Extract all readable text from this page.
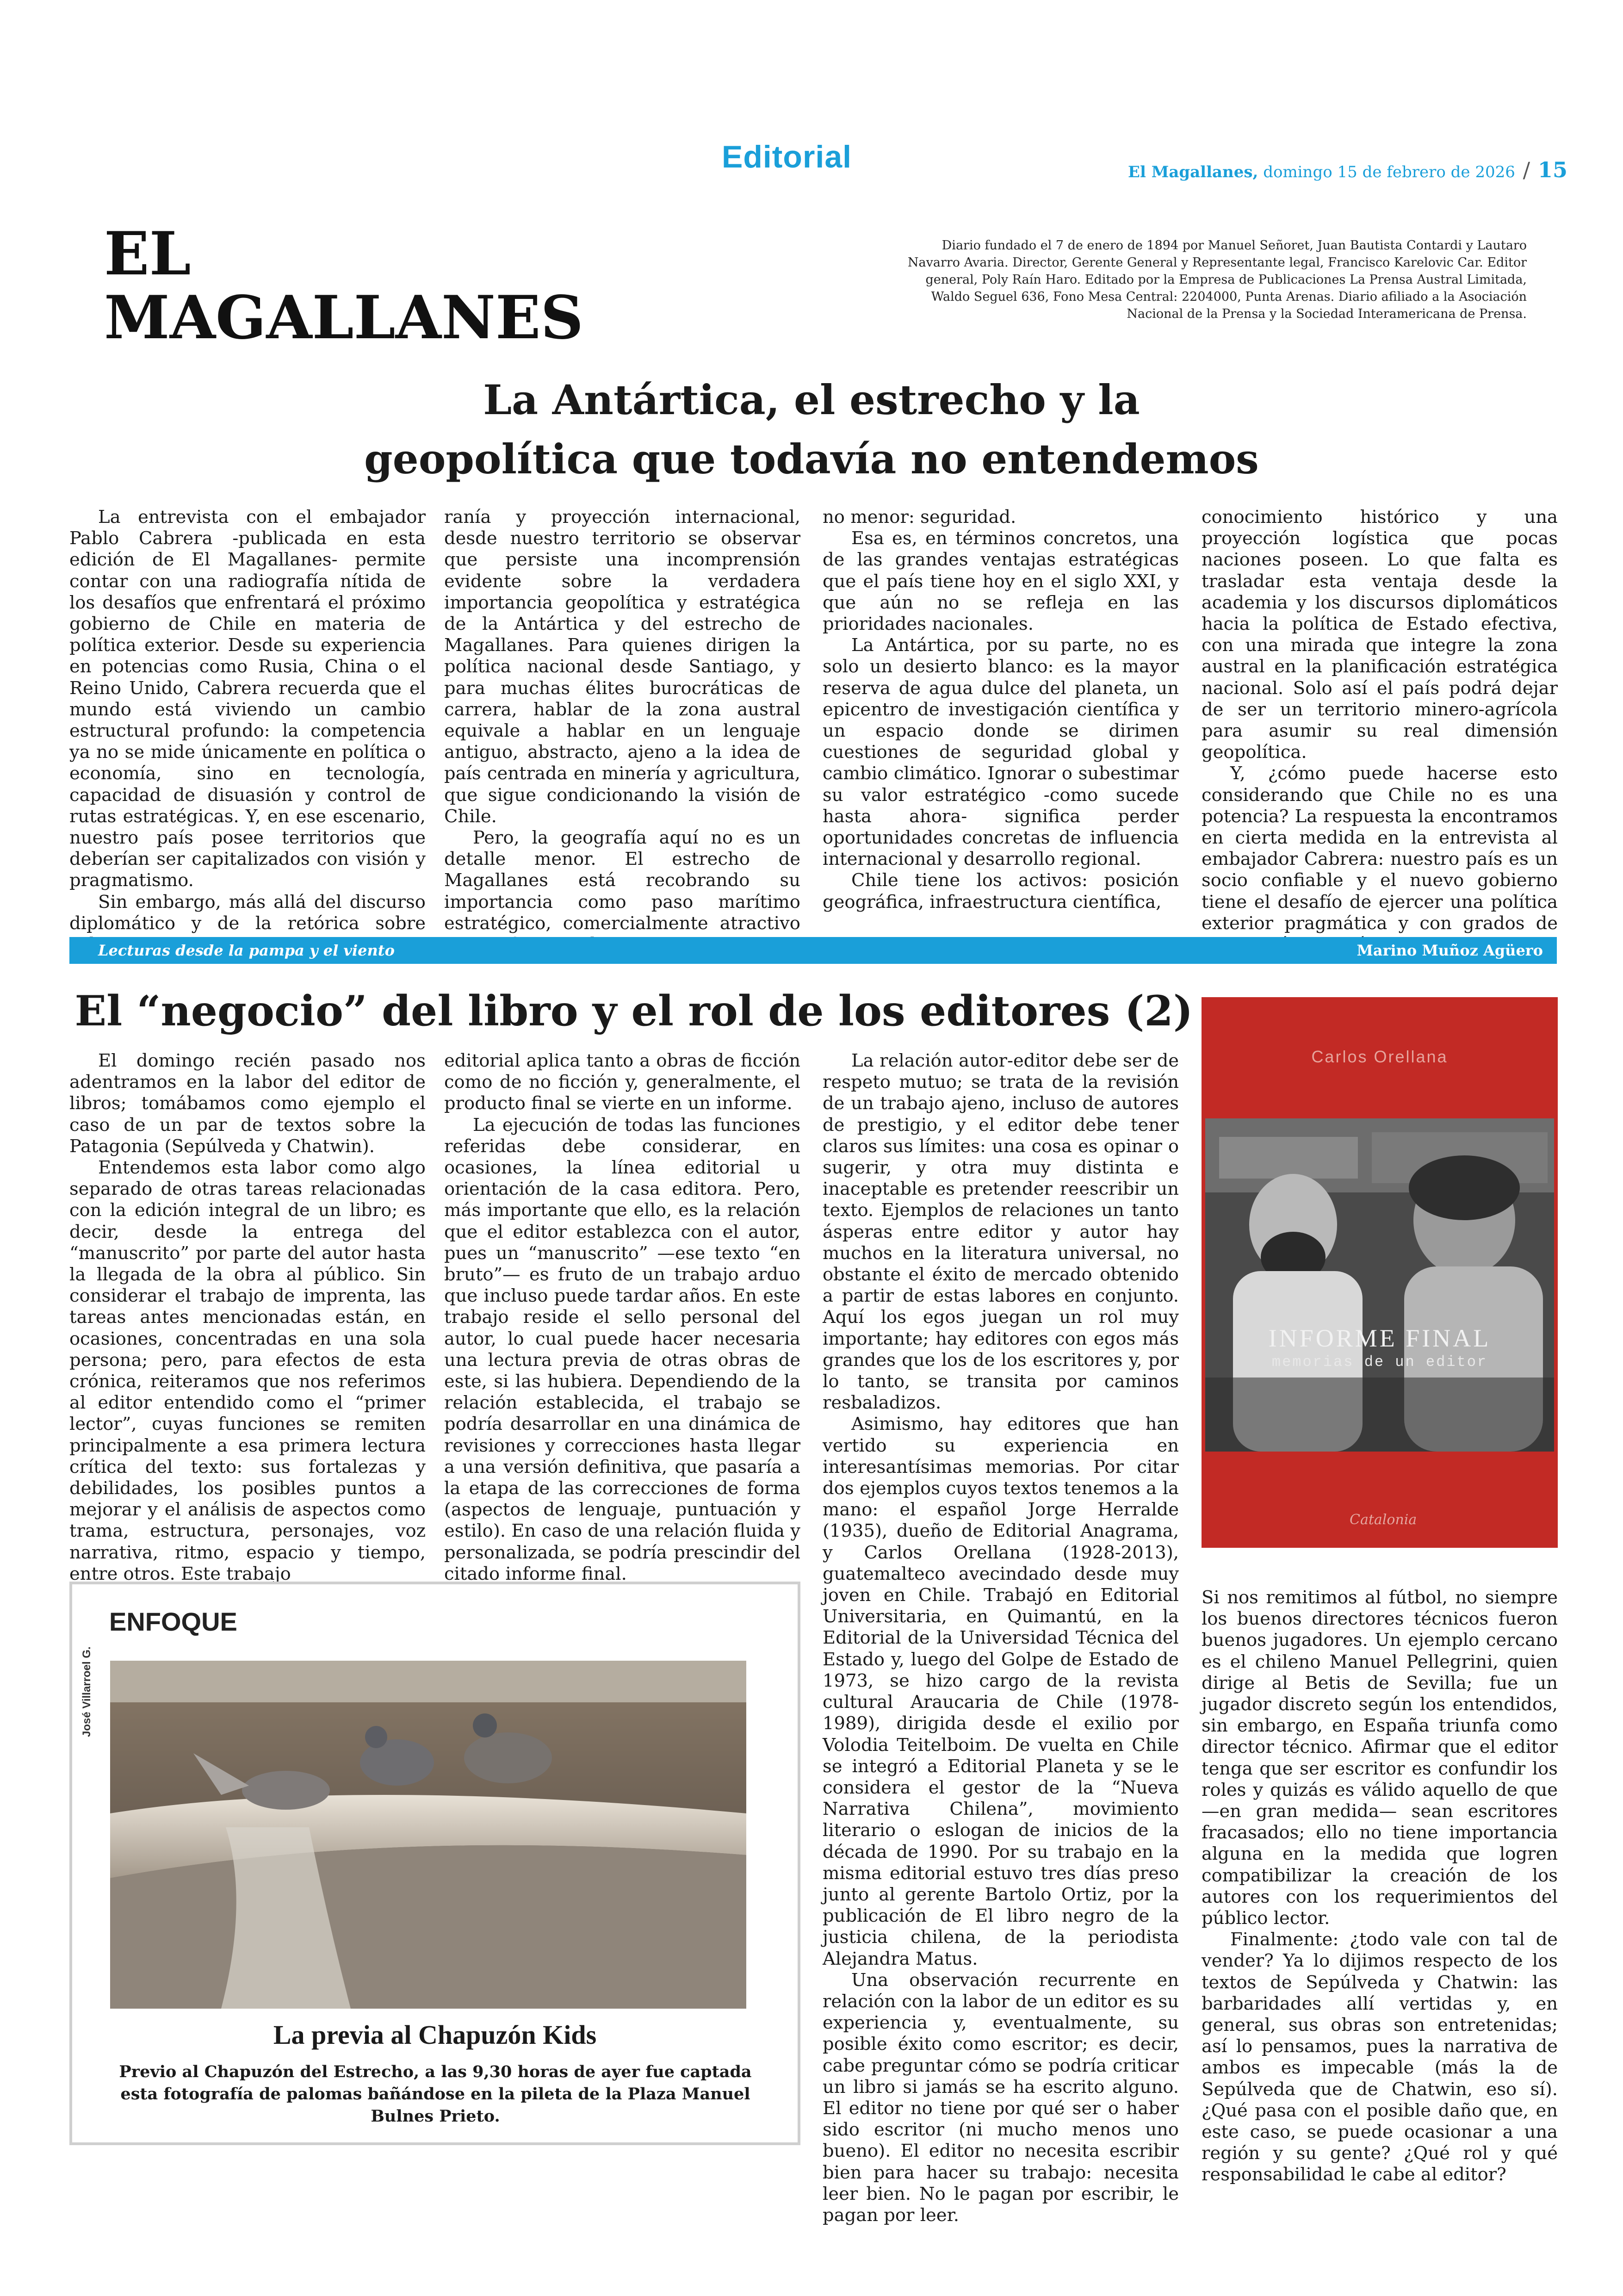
Editorial	El Magallanes, domingo 15 de febrero de 2026 / 15
EL
MAGALLANES
Diario fundado el 7 de enero de 1894 por Manuel Señoret, Juan Bautista Contardi y Lautaro
Navarro Avaria. Director, Gerente General y Representante legal, Francisco Karelovic Car. Editor
general, Poly Raín Haro. Editado por la Empresa de Publicaciones La Prensa Austral Limitada,
Waldo Seguel 636, Fono Mesa Central: 2204000, Punta Arenas. Diario afiliado a la Asociación
Nacional de la Prensa y la Sociedad Interamericana de Prensa.
La Antártica, el estrecho y la
geopolítica que todavía no entendemos

La entrevista con el embajador Pablo Cabrera -publicada en esta edición de El Magallanes- permite contar con una radiografía nítida de los desafíos que enfrentará el próximo gobierno de Chile en materia de política exterior. Desde su experiencia en potencias como Rusia, China o el Reino Unido, Cabrera recuerda que el mundo está viviendo un cambio estructural profundo: la competencia ya no se mide únicamente en política o economía, sino en tecnología, capacidad de disuasión y control de rutas estratégicas. Y, en ese escenario, nuestro país posee territorios que deberían ser capitalizados con visión y pragmatismo.

Sin embargo, más allá del discurso diplomático y de la retórica sobre

ranía y proyección internacional, desde nuestro territorio se observar que persiste una incomprensión evidente sobre la verdadera importancia geopolítica y estratégica de la Antártica y del estrecho de Magallanes. Para quienes dirigen la política nacional desde Santiago, y para muchas élites burocráticas de carrera, hablar de la zona austral equivale a hablar en un lenguaje antiguo, abstracto, ajeno a la idea de país centrada en minería y agricultura, que sigue condicionando la visión de Chile.

Pero, la geografía aquí no es un detalle menor. El estrecho de Magallanes está recobrando su importancia como paso marítimo estratégico, comercialmente atractivo

no menor: seguridad.

Esa es, en términos concretos, una de las grandes ventajas estratégicas que el país tiene hoy en el siglo XXI, y que aún no se refleja en las prioridades nacionales.

La Antártica, por su parte, no es solo un desierto blanco: es la mayor reserva de agua dulce del planeta, un epicentro de investigación científica y un espacio donde se dirimen cuestiones de seguridad global y cambio climático. Ignorar o subestimar su valor estratégico -como sucede hasta ahora- significa perder oportunidades concretas de influencia internacional y desarrollo regional.

Chile tiene los activos: posición geográfica, infraestructura científica,

conocimiento histórico y una proyección logística que pocas naciones poseen. Lo que falta es trasladar esta ventaja desde la academia y los discursos diplomáticos hacia la política de Estado efectiva, con una mirada que integre la zona austral en la planificación estratégica nacional. Solo así el país podrá dejar de ser un territorio minero-agrícola para asumir su real dimensión geopolítica.

Y, ¿cómo puede hacerse esto considerando que Chile no es una potencia? La respuesta la encontramos en cierta medida en la entrevista al embajador Cabrera: nuestro país es un socio confiable y el nuevo gobierno tiene el desafío de ejercer una política exterior pragmática y con grados de

Lecturas desde la pampa y el viento	Marino Muñoz Agüero
El “negocio” del libro y el rol de los editores (2)

El domingo recién pasado nos adentramos en la labor del editor de libros; tomábamos como ejemplo el caso de un par de textos sobre la Patagonia (Sepúlveda y Chatwin).

Entendemos esta labor como algo separado de otras tareas relacionadas con la edición integral de un libro; es decir, desde la entrega del “manuscrito” por parte del autor hasta la llegada de la obra al público. Sin considerar el trabajo de imprenta, las tareas antes mencionadas están, en ocasiones, concentradas en una sola persona; pero, para efectos de esta crónica, reiteramos que nos referimos al editor entendido como el “primer lector”, cuyas funciones se remiten principalmente a esa primera lectura crítica del texto: sus fortalezas y debilidades, los posibles puntos a mejorar y el análisis de aspectos como trama, estructura, personajes, voz narrativa, ritmo, espacio y tiempo, entre otros. Este trabajo

editorial aplica tanto a obras de ficción como de no ficción y, generalmente, el producto final se vierte en un informe.

La ejecución de todas las funciones referidas debe considerar, en ocasiones, la línea editorial u orientación de la casa editora. Pero, más importante que ello, es la relación que el editor establezca con el autor, pues un “manuscrito” —ese texto “en bruto”— es fruto de un trabajo arduo que incluso puede tardar años. En este trabajo reside el sello personal del autor, lo cual puede hacer necesaria una lectura previa de otras obras de este, si las hubiera. Dependiendo de la relación establecida, el trabajo se podría desarrollar en una dinámica de revisiones y correcciones hasta llegar a una versión definitiva, que pasaría a la etapa de las correcciones de forma (aspectos de lenguaje, puntuación y estilo). En caso de una relación fluida y personalizada, se podría prescindir del citado informe final.

La relación autor-editor debe ser de respeto mutuo; se trata de la revisión de un trabajo ajeno, incluso de autores de prestigio, y el editor debe tener claros sus límites: una cosa es opinar o sugerir, y otra muy distinta e inaceptable es pretender reescribir un texto. Ejemplos de relaciones un tanto ásperas entre editor y autor hay muchos en la literatura universal, no obstante el éxito de mercado obtenido a partir de estas labores en conjunto. Aquí los egos juegan un rol muy importante; hay editores con egos más grandes que los de los escritores y, por lo tanto, se transita por caminos resbaladizos.

Asimismo, hay editores que han vertido su experiencia en interesantísimas memorias. Por citar dos ejemplos cuyos textos tenemos a la mano: el español Jorge Herralde (1935), dueño de Editorial Anagrama, y Carlos Orellana (1928-2013), guatemalteco avecindado desde muy joven en Chile. Trabajó en Editorial Universitaria, en Quimantú, en la Editorial de la Universidad Técnica del Estado y, luego del Golpe de Estado de 1973, se hizo cargo de la revista cultural Araucaria de Chile (1978-1989), dirigida desde el exilio por Volodia Teitelboim. De vuelta en Chile se integró a Editorial Planeta y se le considera el gestor de la “Nueva Narrativa Chilena”, movimiento literario o eslogan de inicios de la década de 1990. Por su trabajo en la misma editorial estuvo tres días preso junto al gerente Bartolo Ortiz, por la publicación de El libro negro de la justicia chilena, de la periodista Alejandra Matus.

Una observación recurrente en relación con la labor de un editor es su experiencia y, eventualmente, su posible éxito como escritor; es decir, cabe preguntar cómo se podría criticar un libro si jamás se ha escrito alguno. El editor no tiene por qué ser o haber sido escritor (ni mucho menos uno bueno). El editor no necesita escribir bien para hacer su trabajo: necesita leer bien. No le pagan por escribir, le pagan por leer.

Si nos remitimos al fútbol, no siempre los buenos directores técnicos fueron buenos jugadores. Un ejemplo cercano es el chileno Manuel Pellegrini, quien dirige al Betis de Sevilla; fue un jugador discreto según los entendidos, sin embargo, en España triunfa como director técnico. Afirmar que el editor tenga que ser escritor es confundir los roles y quizás es válido aquello de que —en gran medida— sean escritores fracasados; ello no tiene importancia alguna en la medida que logren compatibilizar la creación de los autores con los requerimientos del público lector.

Finalmente: ¿todo vale con tal de vender? Ya lo dijimos respecto de los textos de Sepúlveda y Chatwin: las barbaridades allí vertidas y, en general, sus obras son entretenidas; así lo pensamos, pues la narrativa de ambos es impecable (más la de Sepúlveda que de Chatwin, eso sí). ¿Qué pasa con el posible daño que, en este caso, se puede ocasionar a una región y su gente? ¿Qué rol y qué responsabilidad le cabe al editor?

Carlos Orellana
INFORME FINAL
memorias de un editor
Catalonia
ENFOQUE
José Villarroel G.
La previa al Chapuzón Kids
Previo al Chapuzón del Estrecho, a las 9,30 horas de ayer fue captada esta fotografía de palomas bañándose en la pileta de la Plaza Manuel Bulnes Prieto.
